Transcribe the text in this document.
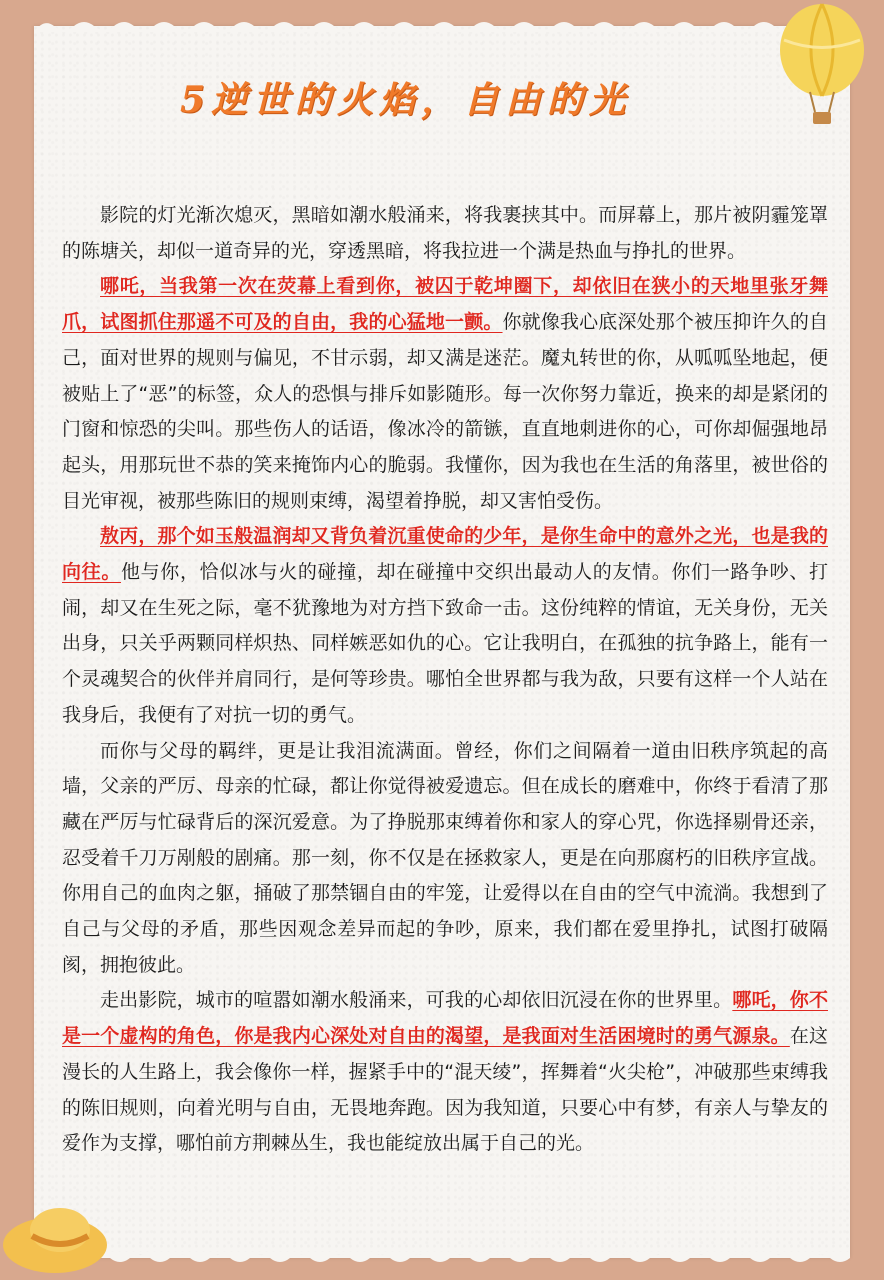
5逆世的火焰，自由的光

影院的灯光渐次熄灭，黑暗如潮水般涌来，将我裹挟其中。而屏幕上，那片被阴霾笼罩的陈塘关，却似一道奇异的光，穿透黑暗，将我拉进一个满是热血与挣扎的世界。

哪吒，当我第一次在荧幕上看到你，被囚于乾坤圈下，却依旧在狭小的天地里张牙舞爪，试图抓住那遥不可及的自由，我的心猛地一颤。你就像我心底深处那个被压抑许久的自己，面对世界的规则与偏见，不甘示弱，却又满是迷茫。魔丸转世的你，从呱呱坠地起，便被贴上了“恶”的标签，众人的恐惧与排斥如影随形。每一次你努力靠近，换来的却是紧闭的门窗和惊恐的尖叫。那些伤人的话语，像冰冷的箭镞，直直地刺进你的心，可你却倔强地昂起头，用那玩世不恭的笑来掩饰内心的脆弱。我懂你，因为我也在生活的角落里，被世俗的目光审视，被那些陈旧的规则束缚，渴望着挣脱，却又害怕受伤。

敖丙，那个如玉般温润却又背负着沉重使命的少年，是你生命中的意外之光，也是我的向往。他与你，恰似冰与火的碰撞，却在碰撞中交织出最动人的友情。你们一路争吵、打闹，却又在生死之际，毫不犹豫地为对方挡下致命一击。这份纯粹的情谊，无关身份，无关出身，只关乎两颗同样炽热、同样嫉恶如仇的心。它让我明白，在孤独的抗争路上，能有一个灵魂契合的伙伴并肩同行，是何等珍贵。哪怕全世界都与我为敌，只要有这样一个人站在我身后，我便有了对抗一切的勇气。

而你与父母的羁绊，更是让我泪流满面。曾经，你们之间隔着一道由旧秩序筑起的高墙，父亲的严厉、母亲的忙碌，都让你觉得被爱遗忘。但在成长的磨难中，你终于看清了那藏在严厉与忙碌背后的深沉爱意。为了挣脱那束缚着你和家人的穿心咒，你选择剔骨还亲，忍受着千刀万剐般的剧痛。那一刻，你不仅是在拯救家人，更是在向那腐朽的旧秩序宣战。你用自己的血肉之躯，捅破了那禁锢自由的牢笼，让爱得以在自由的空气中流淌。我想到了自己与父母的矛盾，那些因观念差异而起的争吵，原来，我们都在爱里挣扎，试图打破隔阂，拥抱彼此。

走出影院，城市的喧嚣如潮水般涌来，可我的心却依旧沉浸在你的世界里。哪吒，你不是一个虚构的角色，你是我内心深处对自由的渴望，是我面对生活困境时的勇气源泉。在这漫长的人生路上，我会像你一样，握紧手中的“混天绫”，挥舞着“火尖枪”，冲破那些束缚我的陈旧规则，向着光明与自由，无畏地奔跑。因为我知道，只要心中有梦，有亲人与挚友的爱作为支撑，哪怕前方荆棘丛生，我也能绽放出属于自己的光。
